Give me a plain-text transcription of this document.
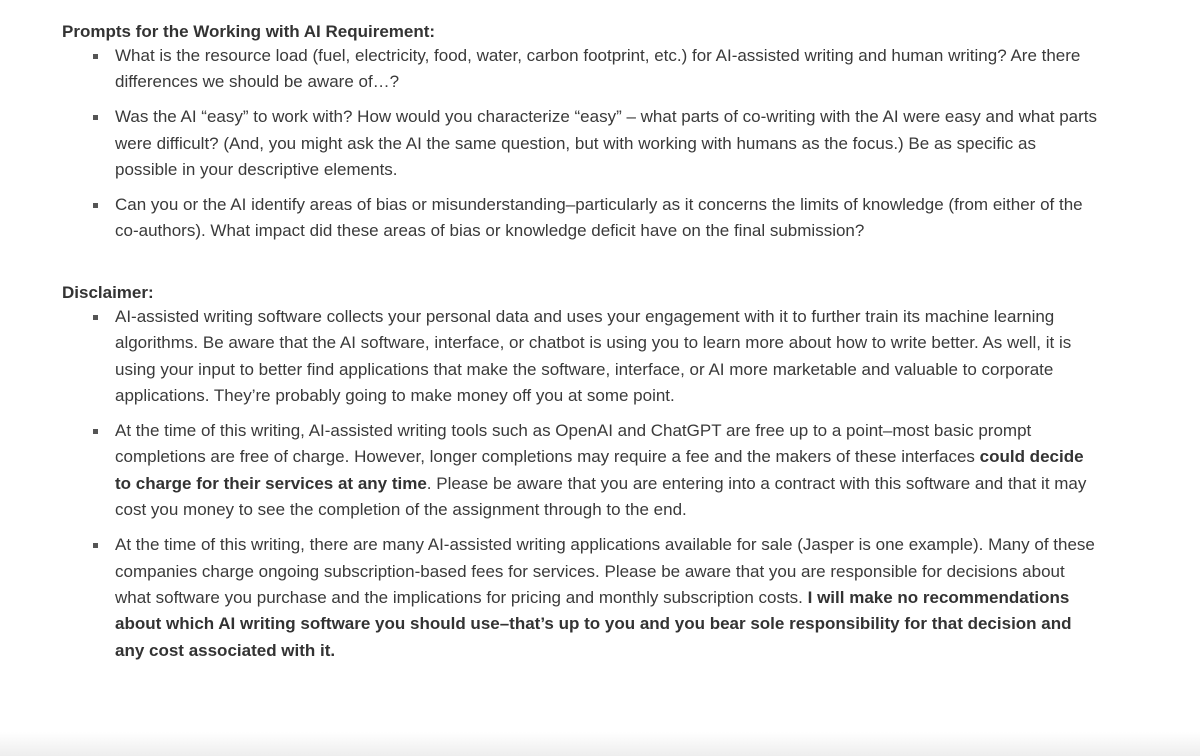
Prompts for the Working with AI Requirement:
What is the resource load (fuel, electricity, food, water, carbon footprint, etc.) for AI-assisted writing and human writing? Are there differences we should be aware of…?
Was the AI “easy” to work with? How would you characterize “easy” – what parts of co-writing with the AI were easy and what parts were difficult? (And, you might ask the AI the same question, but with working with humans as the focus.) Be as specific as possible in your descriptive elements.
Can you or the AI identify areas of bias or misunderstanding–particularly as it concerns the limits of knowledge (from either of the co-authors). What impact did these areas of bias or knowledge deficit have on the final submission?
Disclaimer:
AI-assisted writing software collects your personal data and uses your engagement with it to further train its machine learning algorithms. Be aware that the AI software, interface, or chatbot is using you to learn more about how to write better. As well, it is using your input to better find applications that make the software, interface, or AI more marketable and valuable to corporate applications. They’re probably going to make money off you at some point.
At the time of this writing, AI-assisted writing tools such as OpenAI and ChatGPT are free up to a point–most basic prompt completions are free of charge. However, longer completions may require a fee and the makers of these interfaces could decide to charge for their services at any time. Please be aware that you are entering into a contract with this software and that it may cost you money to see the completion of the assignment through to the end.
At the time of this writing, there are many AI-assisted writing applications available for sale (Jasper is one example). Many of these companies charge ongoing subscription-based fees for services. Please be aware that you are responsible for decisions about what software you purchase and the implications for pricing and monthly subscription costs. I will make no recommendations about which AI writing software you should use–that’s up to you and you bear sole responsibility for that decision and any cost associated with it.
